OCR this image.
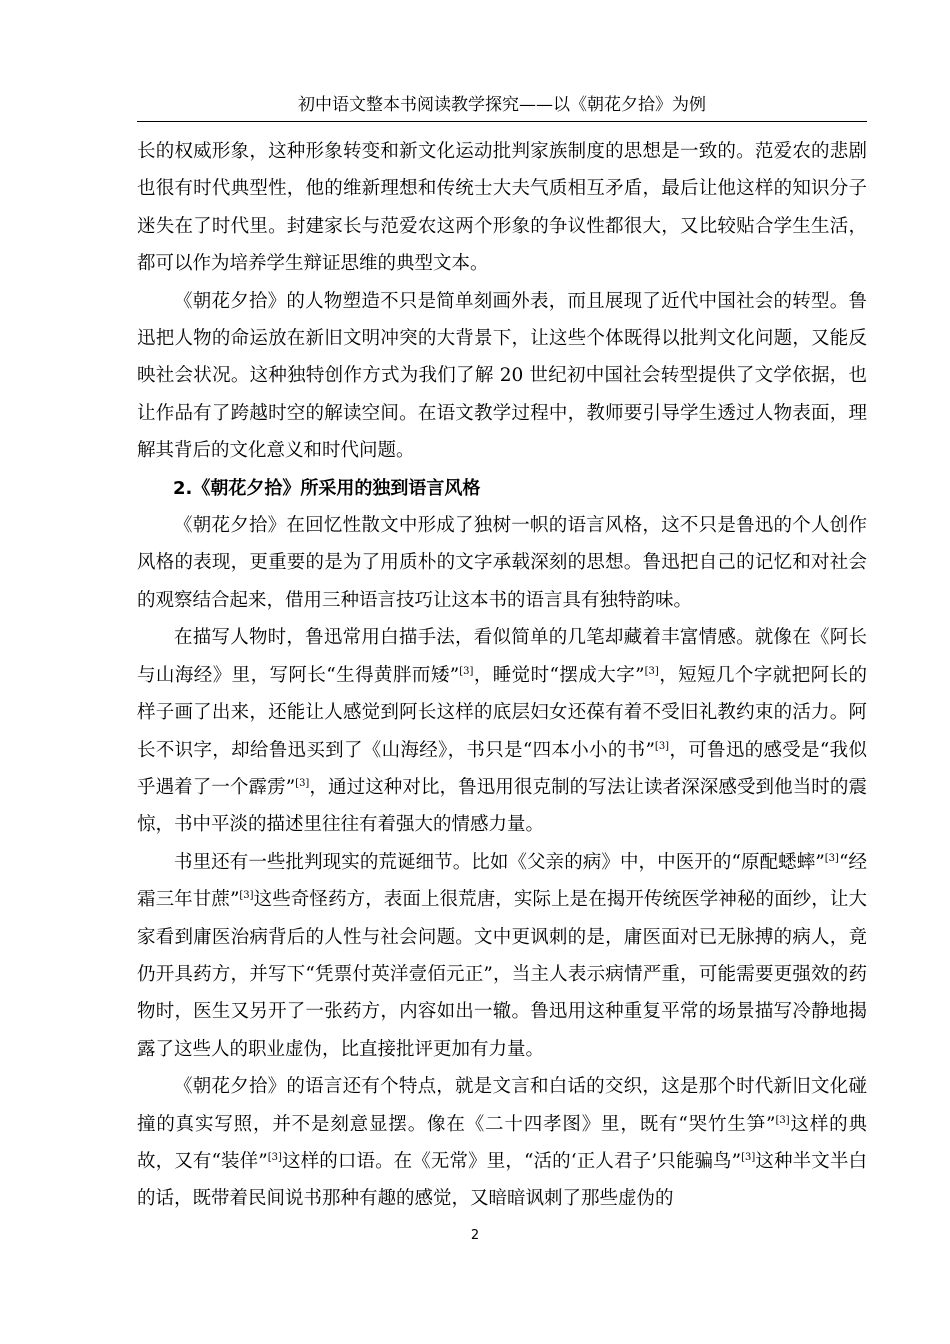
初中语文整本书阅读教学探究——以《朝花夕拾》为例

长的权威形象，这种形象转变和新文化运动批判家族制度的思想是一致的。范爱农的悲剧也很有时代典型性，他的维新理想和传统士大夫气质相互矛盾，最后让他这样的知识分子迷失在了时代里。封建家长与范爱农这两个形象的争议性都很大，又比较贴合学生生活，都可以作为培养学生辩证思维的典型文本。

《朝花夕拾》的人物塑造不只是简单刻画外表，而且展现了近代中国社会的转型。鲁迅把人物的命运放在新旧文明冲突的大背景下，让这些个体既得以批判文化问题，又能反映社会状况。这种独特创作方式为我们了解 20 世纪初中国社会转型提供了文学依据，也让作品有了跨越时空的解读空间。在语文教学过程中，教师要引导学生透过人物表面，理解其背后的文化意义和时代问题。

2.《朝花夕拾》所采用的独到语言风格

《朝花夕拾》在回忆性散文中形成了独树一帜的语言风格，这不只是鲁迅的个人创作风格的表现，更重要的是为了用质朴的文字承载深刻的思想。鲁迅把自己的记忆和对社会的观察结合起来，借用三种语言技巧让这本书的语言具有独特韵味。

在描写人物时，鲁迅常用白描手法，看似简单的几笔却藏着丰富情感。就像在《阿长与山海经》里，写阿长“生得黄胖而矮”[3]，睡觉时“摆成大字”[3]，短短几个字就把阿长的样子画了出来，还能让人感觉到阿长这样的底层妇女还葆有着不受旧礼教约束的活力。阿长不识字，却给鲁迅买到了《山海经》，书只是“四本小小的书”[3]，可鲁迅的感受是“我似乎遇着了一个霹雳”[3]，通过这种对比，鲁迅用很克制的写法让读者深深感受到他当时的震惊，书中平淡的描述里往往有着强大的情感力量。

书里还有一些批判现实的荒诞细节。比如《父亲的病》中，中医开的“原配蟋蟀”[3]“经霜三年甘蔗”[3]这些奇怪药方，表面上很荒唐，实际上是在揭开传统医学神秘的面纱，让大家看到庸医治病背后的人性与社会问题。文中更讽刺的是，庸医面对已无脉搏的病人，竟仍开具药方，并写下“凭票付英洋壹佰元正”，当主人表示病情严重，可能需要更强效的药物时，医生又另开了一张药方，内容如出一辙。鲁迅用这种重复平常的场景描写冷静地揭露了这些人的职业虚伪，比直接批评更加有力量。

《朝花夕拾》的语言还有个特点，就是文言和白话的交织，这是那个时代新旧文化碰撞的真实写照，并不是刻意显摆。像在《二十四孝图》里，既有“哭竹生笋”[3]这样的典故，又有“装佯”[3]这样的口语。在《无常》里，“活的‘正人君子’只能骗鸟”[3]这种半文半白的话，既带着民间说书那种有趣的感觉，又暗暗讽刺了那些虚伪的

2
